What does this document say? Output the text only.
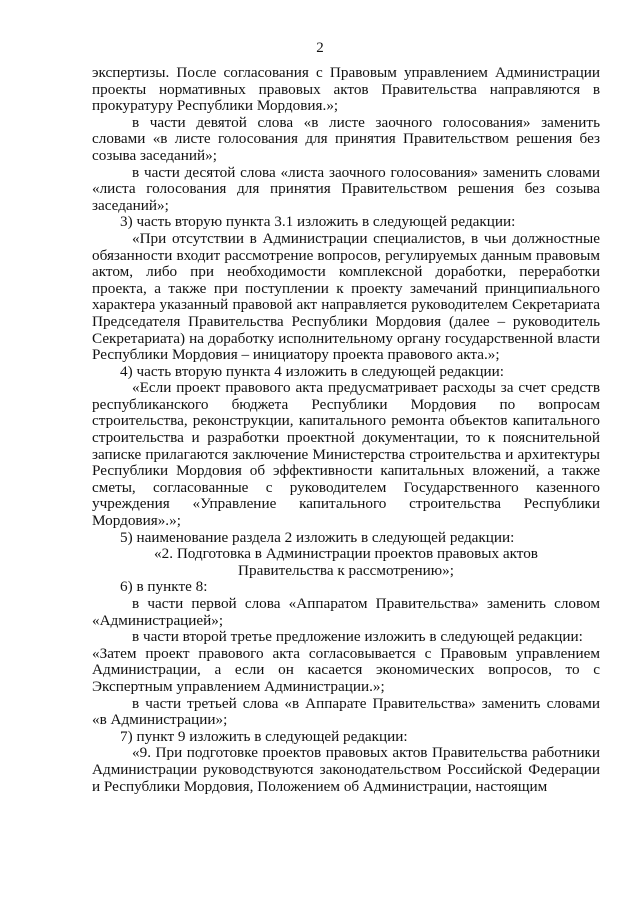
2

экспертизы. После согласования с Правовым управлением Администрации проекты нормативных правовых актов Правительства направляются в прокуратуру Республики Мордовия.»;

в части девятой слова «в листе заочного голосования» заменить словами «в листе голосования для принятия Правительством решения без созыва заседаний»;

в части десятой слова «листа заочного голосования» заменить словами «листа голосования для принятия Правительством решения без созыва заседаний»;

3) часть вторую пункта 3.1 изложить в следующей редакции:

«При отсутствии в Администрации специалистов, в чьи должностные обязанности входит рассмотрение вопросов, регулируемых данным правовым актом, либо при необходимости комплексной доработки, переработки проекта, а также при поступлении к проекту замечаний принципиального характера указанный правовой акт направляется руководителем Секретариата Председателя Правительства Республики Мордовия (далее – руководитель Секретариата) на доработку исполнительному органу государственной власти Республики Мордовия – инициатору проекта правового акта.»;

4) часть вторую пункта 4 изложить в следующей редакции:

«Если проект правового акта предусматривает расходы за счет средств республиканского бюджета Республики Мордовия по вопросам строительства, реконструкции, капитального ремонта объектов капитального строительства и разработки проектной документации, то к пояснительной записке прилагаются заключение Министерства строительства и архитектуры Республики Мордовия об эффективности капитальных вложений, а также сметы, согласованные с руководителем Государственного казенного учреждения «Управление капитального строительства Республики Мордовия».»;

5) наименование раздела 2 изложить в следующей редакции:

«2. Подготовка в Администрации проектов правовых актов

Правительства к рассмотрению»;

6) в пункте 8:

в части первой слова «Аппаратом Правительства» заменить словом «Администрацией»;

в части второй третье предложение изложить в следующей редакции:

«Затем проект правового акта согласовывается с Правовым управлением Администрации, а если он касается экономических вопросов, то с Экспертным управлением Администрации.»;

в части третьей слова «в Аппарате Правительства» заменить словами «в Администрации»;

7) пункт 9 изложить в следующей редакции:

«9. При подготовке проектов правовых актов Правительства работники Администрации руководствуются законодательством Российской Федерации и Республики Мордовия, Положением об Администрации, настоящим
